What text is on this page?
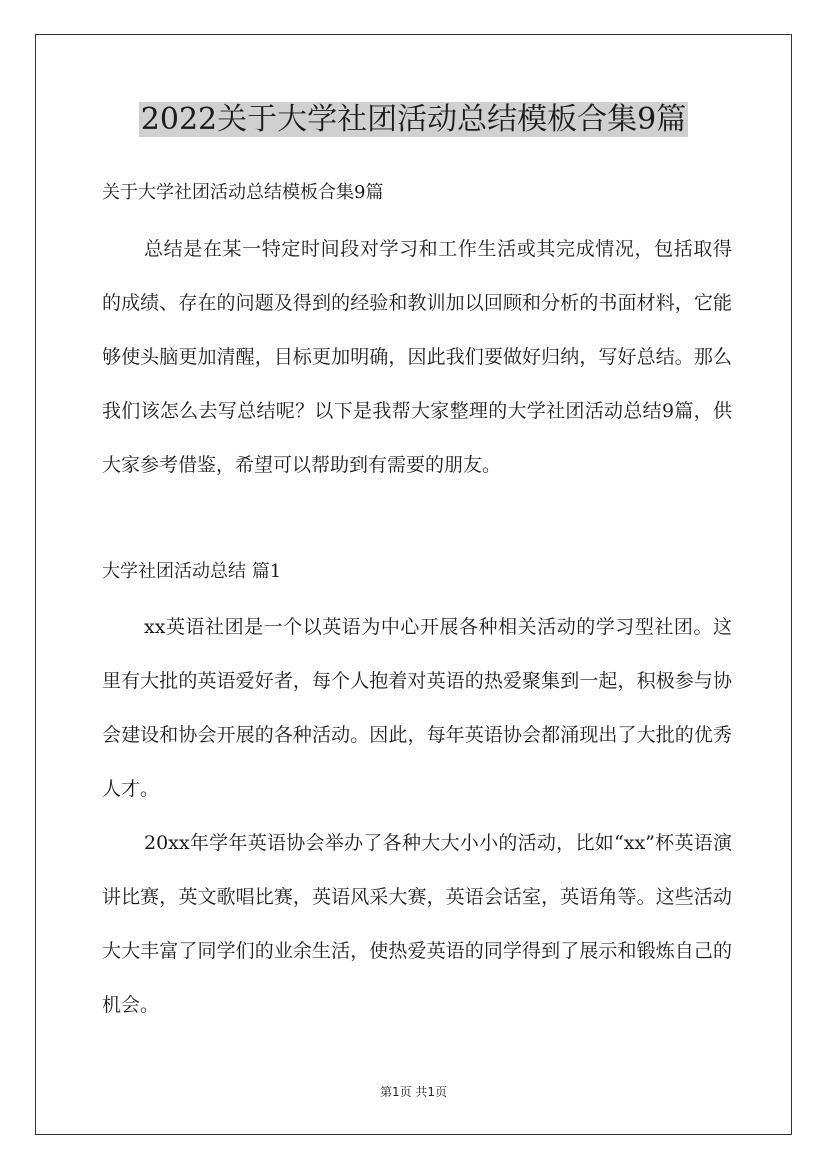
2022关于大学社团活动总结模板合集9篇
关于大学社团活动总结模板合集9篇

总结是在某一特定时间段对学习和工作生活或其完成情况，包括取得的成绩、存在的问题及得到的经验和教训加以回顾和分析的书面材料，它能够使头脑更加清醒，目标更加明确，因此我们要做好归纳，写好总结。那么我们该怎么去写总结呢？以下是我帮大家整理的大学社团活动总结9篇，供大家参考借鉴，希望可以帮助到有需要的朋友。

大学社团活动总结 篇1

xx英语社团是一个以英语为中心开展各种相关活动的学习型社团。这里有大批的英语爱好者，每个人抱着对英语的热爱聚集到一起，积极参与协会建设和协会开展的各种活动。因此，每年英语协会都涌现出了大批的优秀人才。

20xx年学年英语协会举办了各种大大小小的活动，比如“xx”杯英语演讲比赛，英文歌唱比赛，英语风采大赛，英语会话室，英语角等。这些活动大大丰富了同学们的业余生活，使热爱英语的同学得到了展示和锻炼自己的机会。

第1页 共1页
